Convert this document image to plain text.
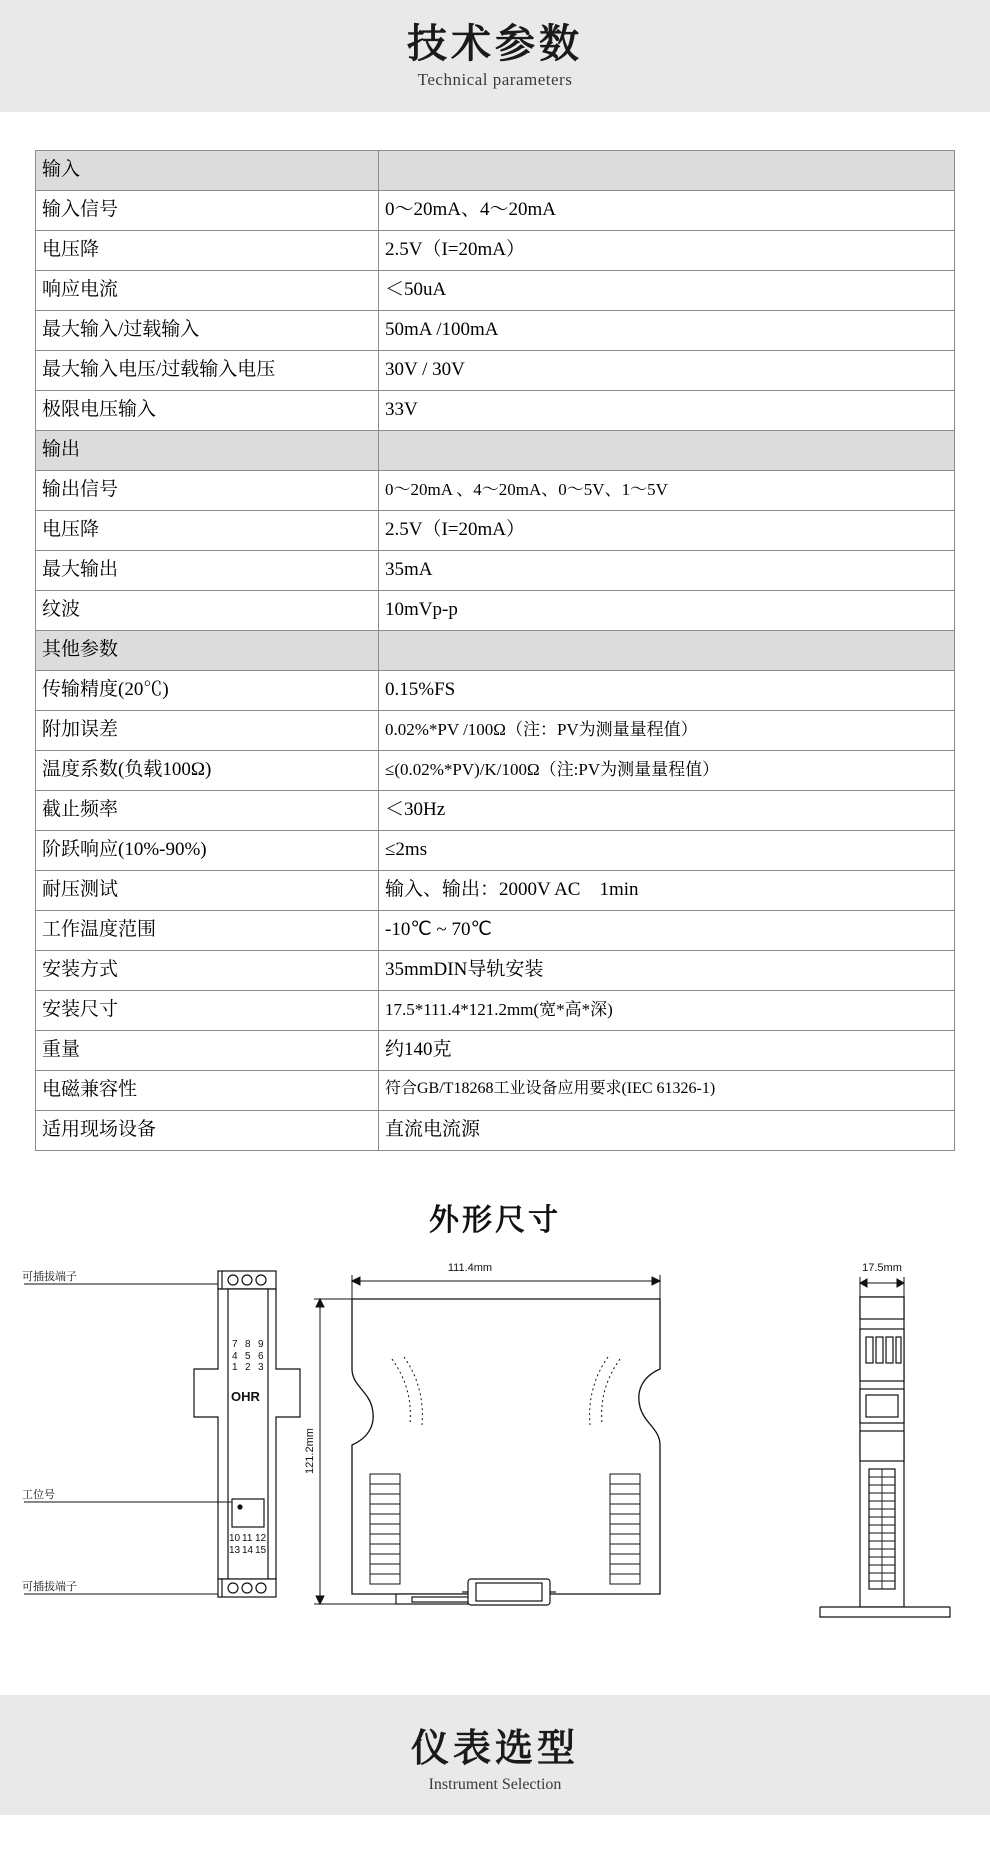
技术参数
Technical parameters
输入	
输入信号	0～20mA、4～20mA
电压降	2.5V（I=20mA）
响应电流	＜50uA
最大输入/过载输入	50mA /100mA
最大输入电压/过载输入电压	30V / 30V
极限电压输入	33V
输出	
输出信号	0～20mA 、4～20mA、0～5V、1～5V
电压降	2.5V（I=20mA）
最大输出	35mA
纹波	10mVp-p
其他参数	
传输精度(20℃)	0.15%FS
附加误差	0.02%*PV /100Ω（注：PV为测量量程值）
温度系数(负载100Ω)	≤(0.02%*PV)/K/100Ω（注:PV为测量量程值）
截止频率	＜30Hz
阶跃响应(10%-90%)	≤2ms
耐压测试	输入、输出：2000V AC　1min
工作温度范围	-10℃ ~ 70℃
安装方式	35mmDIN导轨安装
安装尺寸	17.5*111.4*121.2mm(宽*高*深)
重量	约140克
电磁兼容性	符合GB/T18268工业设备应用要求(IEC 61326-1)
适用现场设备	直流电流源
外形尺寸
7 8 9
4 5 6
1 2 3
OHR
10 11 12
13 14 15
可插拔端子
工位号
可插拔端子
111.4mm
121.2mm
17.5mm
仪表选型
Instrument Selection
